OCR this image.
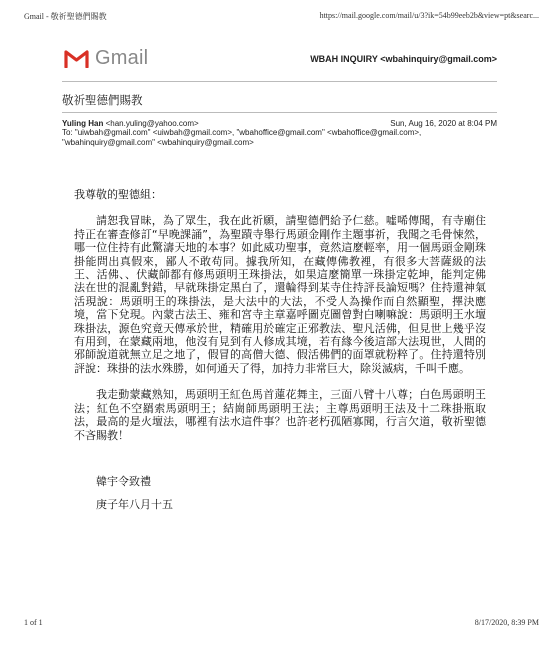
Gmail - 敬祈聖德們賜教	https://mail.google.com/mail/u/3?ik=54b99eeb2b&view=pt&searc...
Gmail	WBAH INQUIRY <wbahinquiry@gmail.com>
敬祈聖德們賜教
Yuling Han <han.yuling@yahoo.com>	Sun, Aug 16, 2020 at 8:04 PM
To: "uiwbah@gmail.com" <uiwbah@gmail.com>, "wbahoffice@gmail.com" <wbahoffice@gmail.com>,
"wbahinquiry@gmail.com" <wbahinquiry@gmail.com>

我尊敬的聖德組：

請恕我冒昧，為了眾生，我在此祈願，請聖德們給予仁慈。噓唏傳聞，有寺廟住持正在審查修訂“早晚課誦”，為聖蹟寺舉行馬頭金剛作主題事祈，我聞之毛骨悚然，哪一位住持有此驚濤天地的本事？如此威功聖事，竟然這麼輕率，用一個馬頭金剛珠掛能問出真假來，鄙人不敢苟同。據我所知，在藏傳佛教裡，有很多大菩薩級的法王、活佛、、伏藏師都有修馬頭明王珠掛法，如果這麼簡單一珠掛定乾坤，能判定佛法在世的混亂對錯，早就珠掛定黑白了，還輪得到某寺住持評長論短嗎？住持還神氣活現說：馬頭明王的珠掛法，是大法中的大法，不受人為操作而自然顯聖，擇決應境，當下兌現。內蒙古法王、雍和宮寺主章嘉呼圖克圖曾對白喇嘛說：馬頭明王水壇珠掛法，源色究竟天傳承於世，精確用於確定正邪教法、聖凡活佛，但見世上幾乎沒有用到，在蒙藏兩地，他沒有見到有人修成其境，若有緣今後這部大法現世，人間的邪師說道就無立足之地了，假冒的高僧大德、假活佛們的面罩就粉粹了。住持還特別評說：珠掛的法水殊勝，如何通天了得，加持力非常巨大，除災滅病，千叫千應。

我走動蒙藏熟知，馬頭明王紅色馬首蓮花舞主，三面八臂十八尊；白色馬頭明王法；紅色不空羂索馬頭明王；結崗師馬頭明王法；主尊馬頭明王法及十二珠掛瓶取法，最高的是火壇法，哪裡有法水這件事？也許老朽孤陋寡聞，行言欠道，敬祈聖德不吝賜教！

韓宇令致禮

庚子年八月十五

1 of 1	8/17/2020, 8:39 PM
